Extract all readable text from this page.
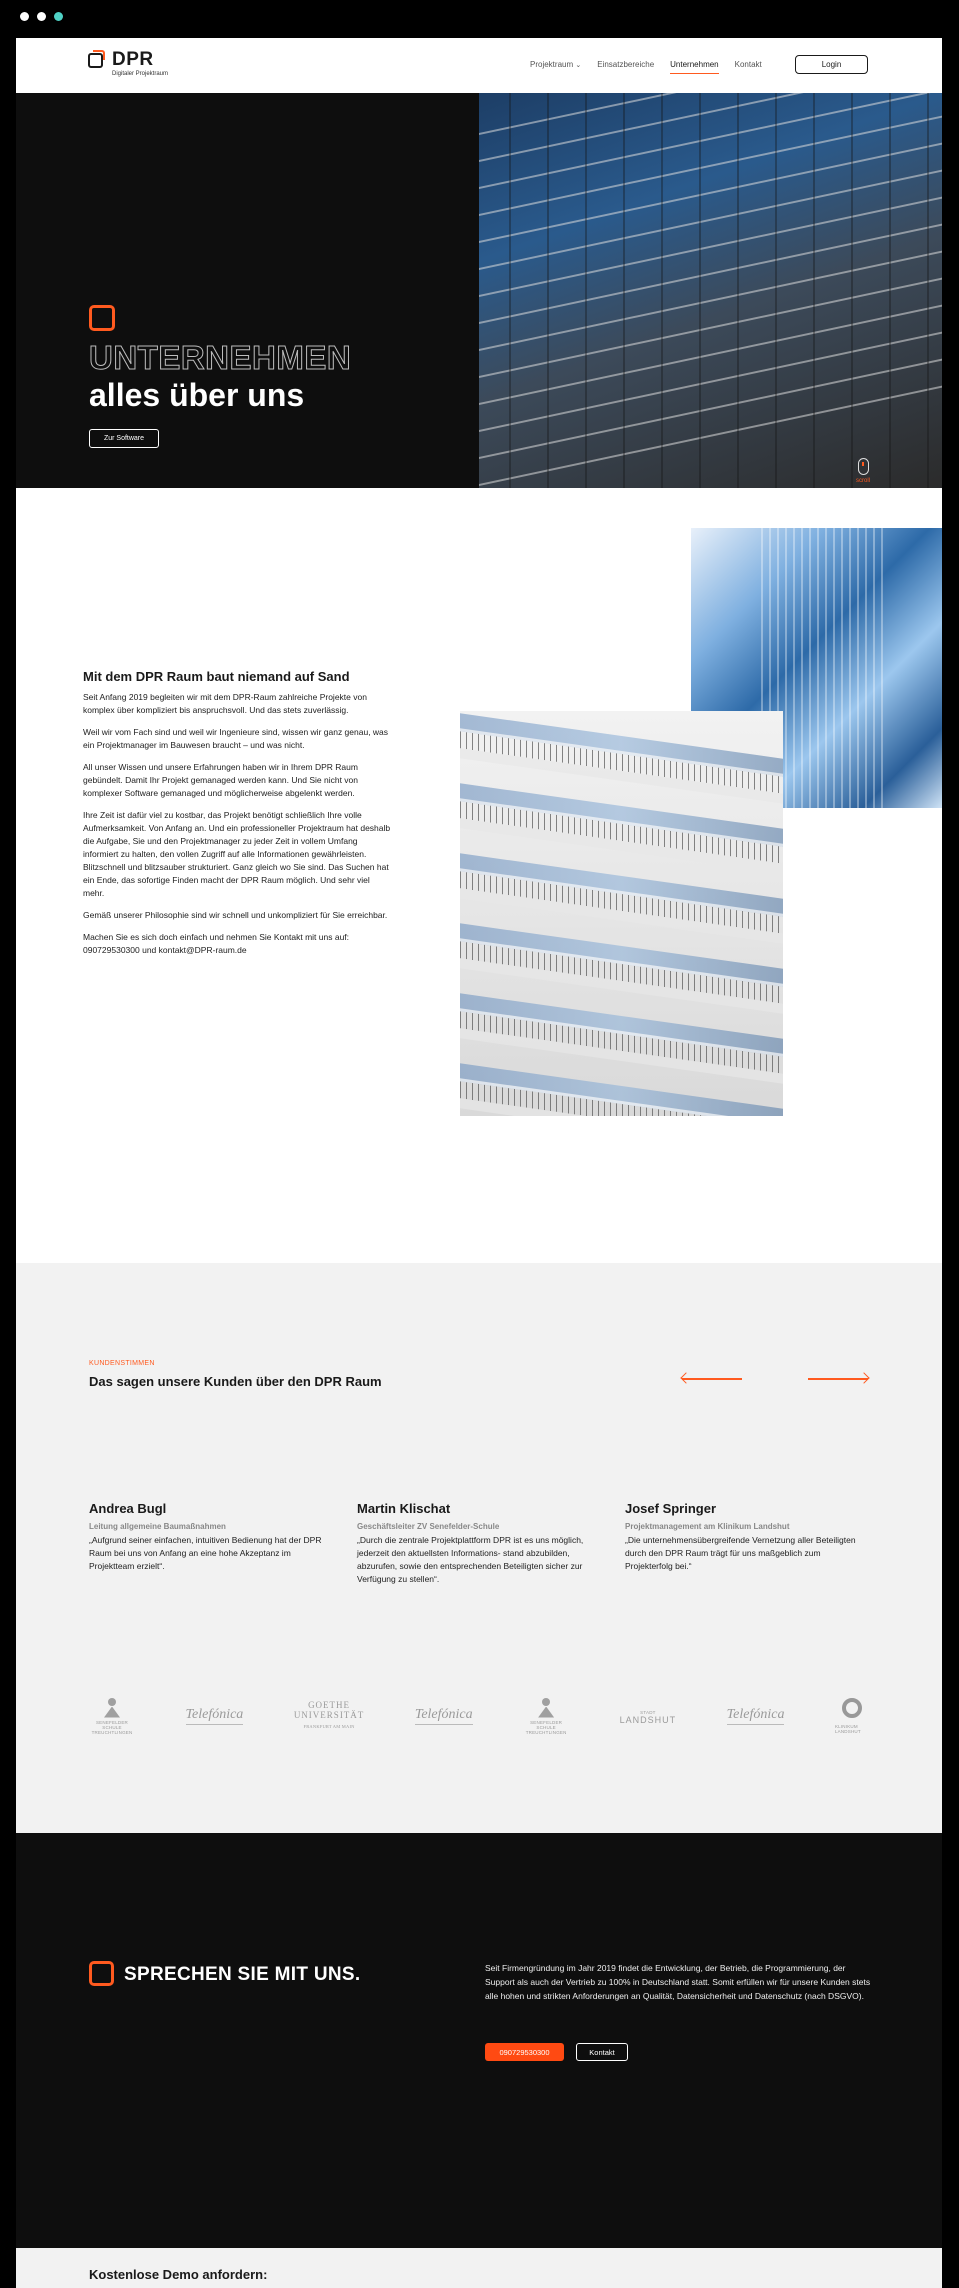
DPR
Digitaler Projektraum
Projektraum ⌄ Einsatzbereiche Unternehmen Kontakt	Login
UNTERNEHMEN
alles über uns
Zur Software
scroll
Mit dem DPR Raum baut niemand auf Sand

Seit Anfang 2019 begleiten wir mit dem DPR-Raum zahlreiche Projekte von komplex über kompliziert bis anspruchsvoll. Und das stets zuverlässig.

Weil wir vom Fach sind und weil wir Ingenieure sind, wissen wir ganz genau, was ein Projektmanager im Bauwesen braucht – und was nicht.

All unser Wissen und unsere Erfahrungen haben wir in Ihrem DPR Raum gebündelt. Damit Ihr Projekt gemanaged werden kann. Und Sie nicht von komplexer Software gemanaged und möglicherweise abgelenkt werden.

Ihre Zeit ist dafür viel zu kostbar, das Projekt benötigt schließlich Ihre volle Aufmerksamkeit. Von Anfang an. Und ein professioneller Projektraum hat deshalb die Aufgabe, Sie und den Projektmanager zu jeder Zeit in vollem Umfang informiert zu halten, den vollen Zugriff auf alle Informationen gewährleisten. Blitzschnell und blitzsauber strukturiert. Ganz gleich wo Sie sind. Das Suchen hat ein Ende, das sofortige Finden macht der DPR Raum möglich. Und sehr viel mehr.

Gemäß unserer Philosophie sind wir schnell und unkompliziert für Sie erreichbar.

Machen Sie es sich doch einfach und nehmen Sie Kontakt mit uns auf: 090729530300 und kontakt@DPR-raum.de

KUNDENSTIMMEN
Das sagen unsere Kunden über den DPR Raum
Andrea Bugl
Leitung allgemeine Baumaßnahmen
„Aufgrund seiner einfachen, intuitiven Bedienung hat der DPR Raum bei uns von Anfang an eine hohe Akzeptanz im Projektteam erzielt“.
Martin Klischat
Geschäftsleiter ZV Senefelder-Schule
„Durch die zentrale Projektplattform DPR ist es uns möglich, jederzeit den aktuellsten Informations- stand abzubilden, abzurufen, sowie den entsprechenden Beteiligten sicher zur Verfügung zu stellen“.
Josef Springer
Projektmanagement am Klinikum Landshut
„Die unternehmensübergreifende Vernetzung aller Beteiligten durch den DPR Raum trägt für uns maßgeblich zum Projekterfolg bei.“
SENEFELDER SCHULE TREUCHTLINGEN
Telefónica
GOETHE
UNIVERSITÄT
FRANKFURT AM MAIN
Telefónica	SENEFELDER SCHULE TREUCHTLINGEN
STADT
LANDSHUT	Telefónica
KLINIKUM LANDSHUT
SPRECHEN SIE MIT UNS.	Seit Firmengründung im Jahr 2019 findet die Entwicklung, der Betrieb, die Programmierung, der Support als auch der Vertrieb zu 100% in Deutschland statt. Somit erfüllen wir für unsere Kunden stets alle hohen und strikten Anforderungen an Qualität, Datensicherheit und Datenschutz (nach DSGVO).

090729530300	Kontakt
Kostenlose Demo anfordern:
